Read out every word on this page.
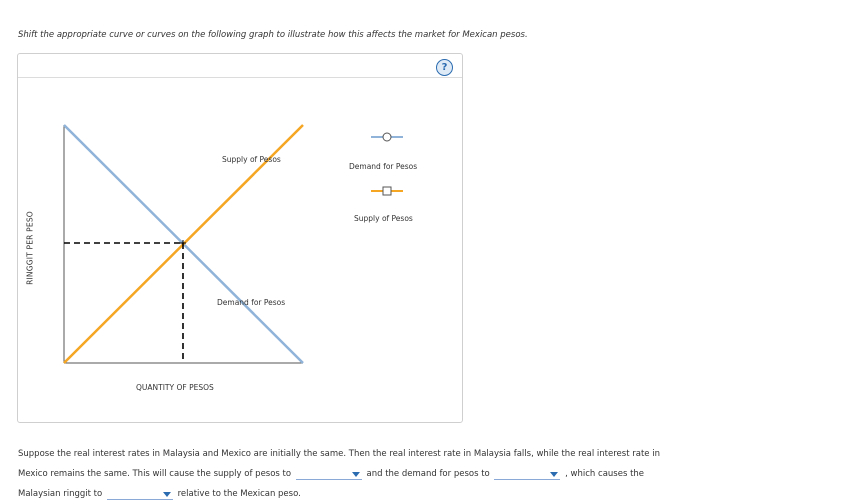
Shift the appropriate curve or curves on the following graph to illustrate how this affects the market for Mexican pesos.
?
RINGGIT PER PESO
QUANTITY OF PESOS
Supply of Pesos
Demand for Pesos
Demand for Pesos
Supply of Pesos
Suppose the real interest rates in Malaysia and Mexico are initially the same. Then the real interest rate in Malaysia falls, while the real interest rate in
Mexico remains the same. This will cause the supply of pesos to	and the demand for pesos to	, which causes the
Malaysian ringgit to	relative to the Mexican peso.
